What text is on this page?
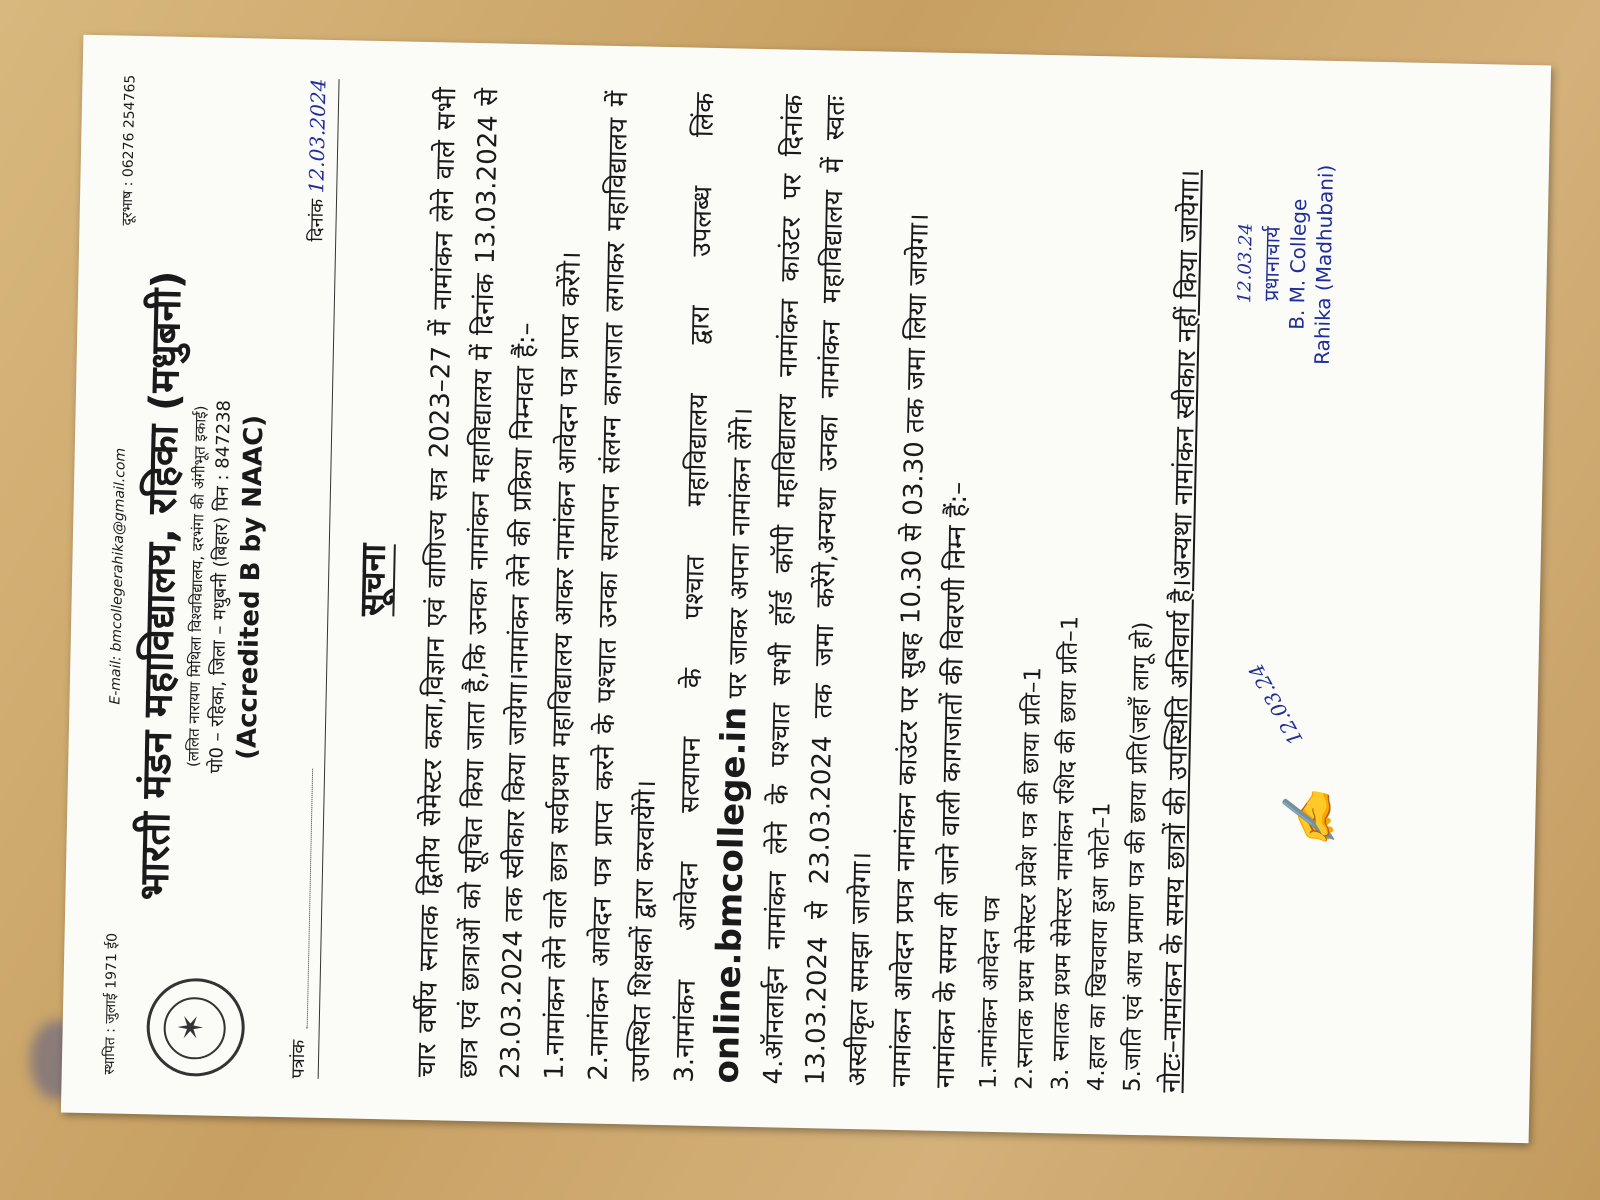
स्थापित : जुलाई 1971 ई0
E-mail: bmcollegerahika@gmail.com
दूरभाष : 06276 254765
✶
भारती मंडन महाविद्यालय, रहिका (मधुबनी)
(ललित नारायण मिथिला विश्वविद्यालय, दरभंगा की अंगीभूत इकाई)
पो0 – रहिका, जिला – मधुबनी (बिहार) पिन : 847238
(Accredited B by NAAC)
पत्रांक
दिनांक 12.03.2024
सूचना चार वर्षीय स्नातक द्वितीय सेमेस्टर कला,विज्ञान एवं वाणिज्य सत्र 2023–27 में नामांकन लेने वाले सभी छात्र एवं छात्राओं को सूचित किया जाता है,कि उनका नामांकन महाविद्यालय में दिनांक 13.03.2024 से 23.03.2024 तक स्वीकार किया जायेगा।नामांकन लेने की प्रक्रिया निम्नवत हैं:–

1.नामांकन लेने वाले छात्र सर्वप्रथम महाविद्यालय आकर नामांकन आवेदन पत्र प्राप्त करेंगे।

2.नामांकन आवेदन पत्र प्राप्त करने के पश्चात उनका सत्यापन संलग्न कागजात लगाकर महाविद्यालय में उपस्थित शिक्षकों द्वारा करवायेंगे। 3.नामांकन आवेदन सत्यापन के पश्चात महाविद्यालय द्वारा उपलब्ध लिंक online.bmcollege.in पर जाकर अपना नामांकन लेंगे। 4.ऑनलाईन नामांकन लेने के पश्चात सभी हॉर्ड कॉपी महाविद्यालय नामांकन काउंटर पर दिनांक 13.03.2024 से 23.03.2024 तक जमा करेंगे,अन्यथा उनका नामांकन महाविद्यालय में स्वतः अस्वीकृत समझा जायेगा। नामांकन आवेदन प्रपत्र नामांकन काउंटर पर सुबह 10.30 से 03.30 तक जमा लिया जायेगा।

नामांकन के समय ली जाने वाली कागजातों की विवरणी निम्न हैं:– 1.नामांकन आवेदन पत्र 2.स्नातक प्रथम सेमेस्टर प्रवेश पत्र की छाया प्रति–1 3. स्नातक प्रथम सेमेस्टर नामांकन रशिद की छाया प्रति–1 4.हाल का खिचवाया हुआ फोटो–1 5.जाति एवं आय प्रमाण पत्र की छाया प्रति(जहाँ लागू हो) नोटः–नामांकन के समय छात्रों की उपस्थिति अनिवार्य है।अन्यथा नामांकन स्वीकार नहीं किया जायेगा। ✍
12.03.24
12.03.24 प्रधानाचार्य B. M. College
Rahika (Madhubani)
